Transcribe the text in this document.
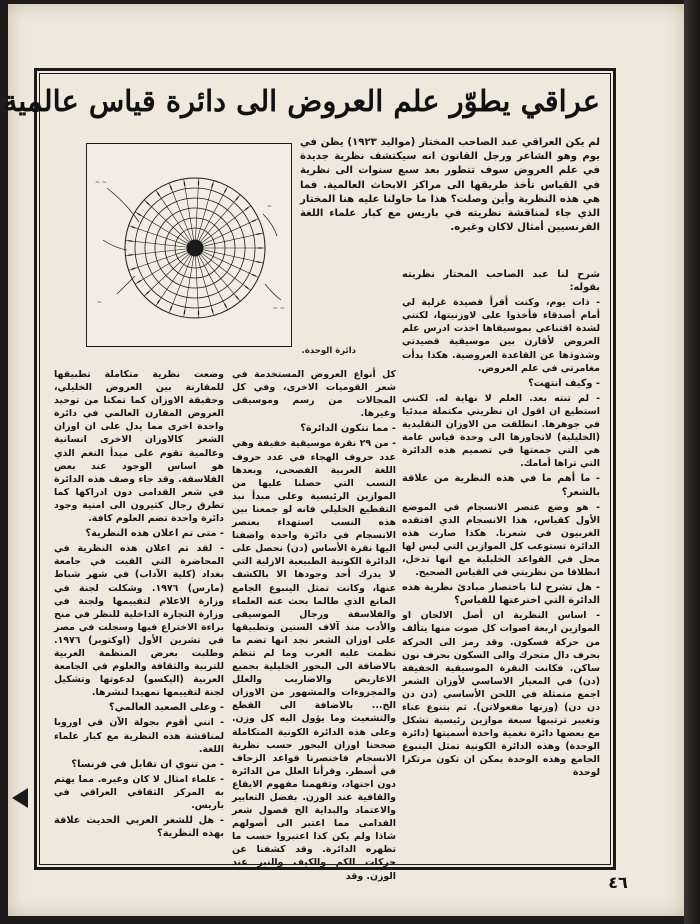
عراقي يطوّر علم العروض الى دائرة قياس عالمية
لم يكن العراقي عبد الصاحب المختار (مواليد ١٩٢٣) يظن في يوم وهو الشاعر ورجل القانون انه سيكتشف نظرية جديدة في علم العروض سوف تتطور بعد سبع سنوات الى نظرية في القياس تأخذ طريقها الى مراكز الابحاث العالمية. فما هي هذه النظرية وأين وصلت؟ هذا ما حاولنا عليه هنا المختار الذي جاء لمناقشة نظريته في باريس مع كبار علماء اللغة الفرنسيين أمثال لاكان وغيره.
~ ~
~
~ ~
~
دائرة الوحدة.

شرح لنا عبد الصاحب المختار نظريته بقوله:

- ذات يوم، وكنت أقرأ قصيدة غزلية لي أمام أصدقاء فأخذوا على لاوزنيتها، لكنني لشدة اقتناعي بموسيقاها اخذت ادرس علم العروض لأقارن بين موسيقية قصيدتي وشذوذها عن القاعدة العروضية. هكذا بدأت مغامرتي في علم العروض.

- وكيف انتهت؟

- لم تنته بعد. العلم لا نهاية له. لكنني استطيع ان اقول ان نظريتي مكتملة مبدئيا في جوهرها. انطلقت من الاوزان التقليدية (الخليلية) لاتجاوزها الى وحدة قياس عامة هي التي جمعتها في تصميم هذه الدائرة التي تراها أمامك.

- ما أهم ما في هذه النظرية من علاقة بالشعر؟

- هو وضع عنصر الانسجام في الموضع الأول كقياس، هذا الانسجام الذي افتقده الغربيون في شعرنا. هكذا صارت هذه الدائرة تستوعب كل الموازين التي ليس لها محل في القواعد الخليلية مع انها تدخل، انطلاقا من نظريتي في القياس الصحيح.

- هل تشرح لنا باختصار مبادئ نظرية هذه الدائرة التي اخترعتها للقياس؟

- اساس النظرية ان أصل الالحان او الموازين اربعة اصوات كل صوت منها يتألف من حركة فسكون. وقد رمز الى الحركة بحرف دال متحرك والى السكون بحرف نون ساكن. فكانت النقرة الموسيقية الخفيفة (دن) في المعيار الاساسي لأوزان الشعر اجمع متمثلة في اللحن الأساسي (دن دن دن دن) (وزنها مفعولاتن). ثم بتنوع عناء وتغيير ترتيبها سبعة موازين رئيسية تشكل مع بعضها دائرة نغمية واحدة أسميتها (دائرة الوحدة) وهذه الدائرة الكونية تمثل الينبوع الجامع وهذه الوحدة يمكن ان تكون مرتكزا لوحدة

كل أنواع العروض المستخدمة في شعر القوميات الاخرى، وفي كل المجالات من رسم وموسيقى وغيرها.

- مما تتكون الدائرة؟

- من ٢٩ نقرة موسيقية خفيفة وهي عدد حروف الهجاء في عدد حروف اللغة العربية الفصحى، وبعدها النسب التي حصلنا عليها من الموازين الرئيسية وعلى مبدأ نبذ التقطيع الخليلي فانه لو جمعنا بين هذه النسب استهداء بعنصر الانسجام في دائرة واحدة واضفنا اليها نقرة الأساس (دن) نحصل على الدائرة الكونية الطبيعية الازلية التي لا يدرك أحد وجودها الا بالكشف عنها، وكانت تمثل الينبوع الجامع المانع الذي طالما بحث عنه العلماء والفلاسفة ورجال الموسيقى والأدب منذ آلاف السنين وتطبيقها على اوزان الشعر نجد انها تضم ما نظمت عليه العرب وما لم تنظم بالاضافة الى البحور الخليلية بجميع الاعاريض والاضاريب والعلل والمجزوءات والمشهور من الاوزان الخ... بالاضافة الى القطع والتشعيث وما يؤول اليه كل وزن. وعلى هذه الدائرة الكونية المتكاملة صححنا اوزان البحور حسب نظرية الانسجام فاختصرنا قواعد الزحاف في أسطر. وقرأنا العلل من الدائرة دون اجتهاد، وتفهمنا مفهوم الايقاع والقافية عند الوزن. بفضل التعابير والاعتماد والبداية الخ فصول شعر القدامى مما اعتبر الى أصولهم شاذا ولم يكن كذا اعتبروا حسب ما تظهره الدائرة. وقد كشفنا عن حركات الكم والكيف والنبر عند الوزن. وقد

وضعت نظرية متكاملة تطبيقها للمقارنة بين العروض الخليلي، وحقيقة الاوزان كما تمكنا من توحيد العروض المقارن العالمي في دائرة واحدة اخرى مما يدل على ان اوزان الشعر كالاوزان الاخرى انسانية وعالمية تقوم على مبدأ النغم الذي هو اساس الوجود عند بعض الفلاسفة. وقد جاء وصف هذه الدائرة في شعر القدامى دون ادراكها كما تطرق رجال كثيرون الى امنية وجود دائرة واحدة تضم العلوم كافة.

- متى تم اعلان هذه النظرية؟

- لقد تم اعلان هذه النظرية في المحاضرة التي القيت في جامعة بغداد (كلية الآداب) في شهر شباط (مارس) ١٩٧٦. وشكلت لجنة في وزارة الاعلام لتقييمها ولجنة في وزارة التجارة الداخلية للنظر في منح براءة الاختراع فيها وسجلت في مصر في تشرين الأول (اوكتوبر) ١٩٧٦. وطلبت بعرض المنظمة العربية للتربية والثقافة والعلوم في الجامعة العربية (اليكسو) لدعوتها وتشكيل لجنة لتقييمها تمهيدا لنشرها.

- وعلى الصعيد العالمي؟

- انني أقوم بجولة الآن في اوروبا لمناقشة هذه النظرية مع كبار علماء اللغة.

- من تنوي ان تقابل في فرنسا؟

- علماء امثال لا كان وغيره. مما يهتم به المركز الثقافي العراقي في باريس.

- هل للشعر العربي الحديث علاقة بهذه النظرية؟

٤٦
